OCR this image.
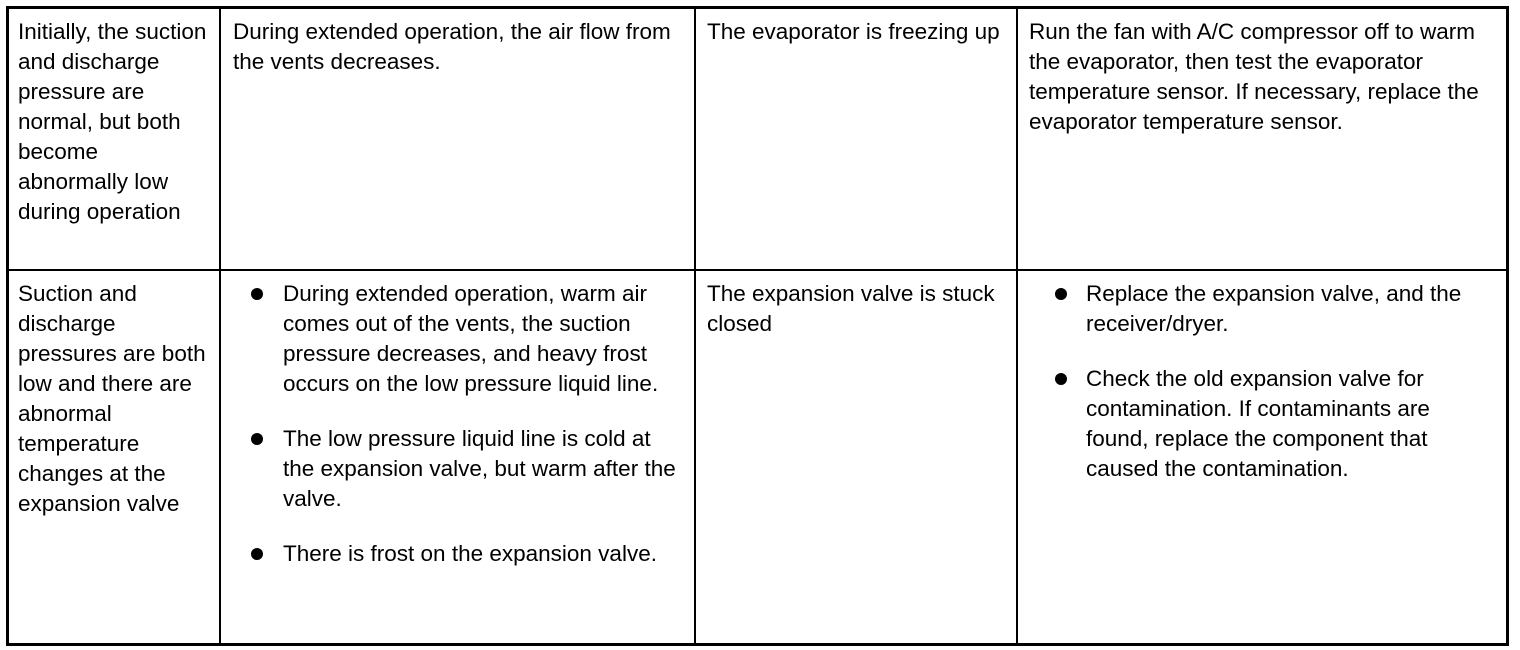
Initially, the suction and discharge pressure are normal, but both become abnormally low during operation
During extended operation, the air flow from the vents decreases.
The evaporator is freezing up	Run the fan with A/C compressor off to warm the evaporator, then test the evaporator temperature sensor. If necessary, replace the evaporator temperature sensor.
Suction and discharge pressures are both low and there are abnormal temperature changes at the expansion valve
During extended operation, warm air comes out of the vents, the suction pressure decreases, and heavy frost occurs on the low pressure liquid line.
The low pressure liquid line is cold at the expansion valve, but warm after the valve.
There is frost on the expansion valve.
The expansion valve is stuck closed
Replace the expansion valve, and the receiver/dryer.
Check the old expansion valve for contamination. If contaminants are found, replace the component that caused the contamination.
